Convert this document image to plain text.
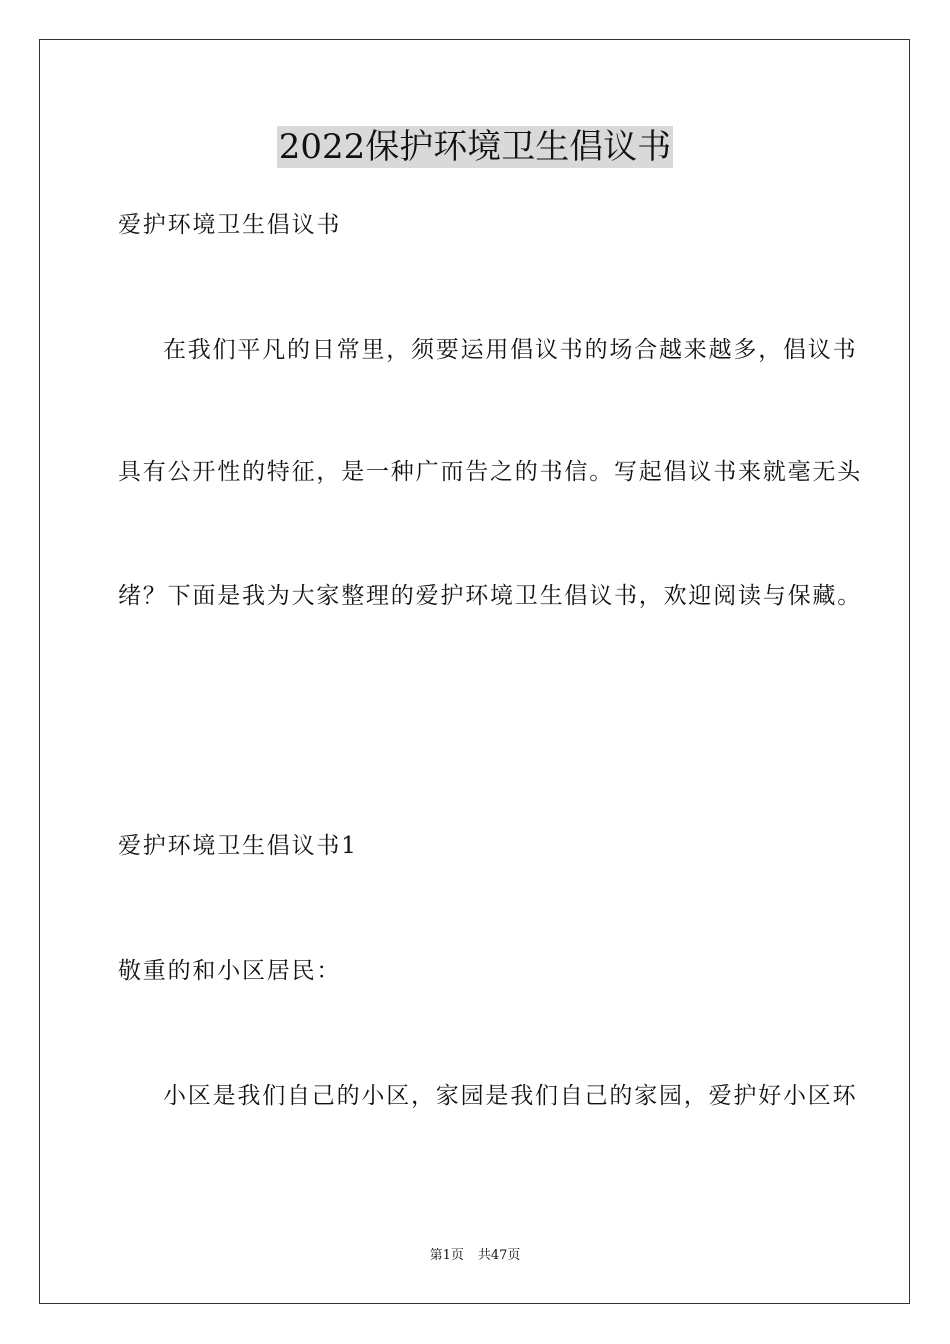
2022保护环境卫生倡议书
爱护环境卫生倡议书
在我们平凡的日常里，须要运用倡议书的场合越来越多，倡议书
具有公开性的特征，是一种广而告之的书信。写起倡议书来就毫无头
绪？下面是我为大家整理的爱护环境卫生倡议书，欢迎阅读与保藏。
爱护环境卫生倡议书1
敬重的和小区居民：
小区是我们自己的小区，家园是我们自己的家园，爱护好小区环
第1页 共47页
